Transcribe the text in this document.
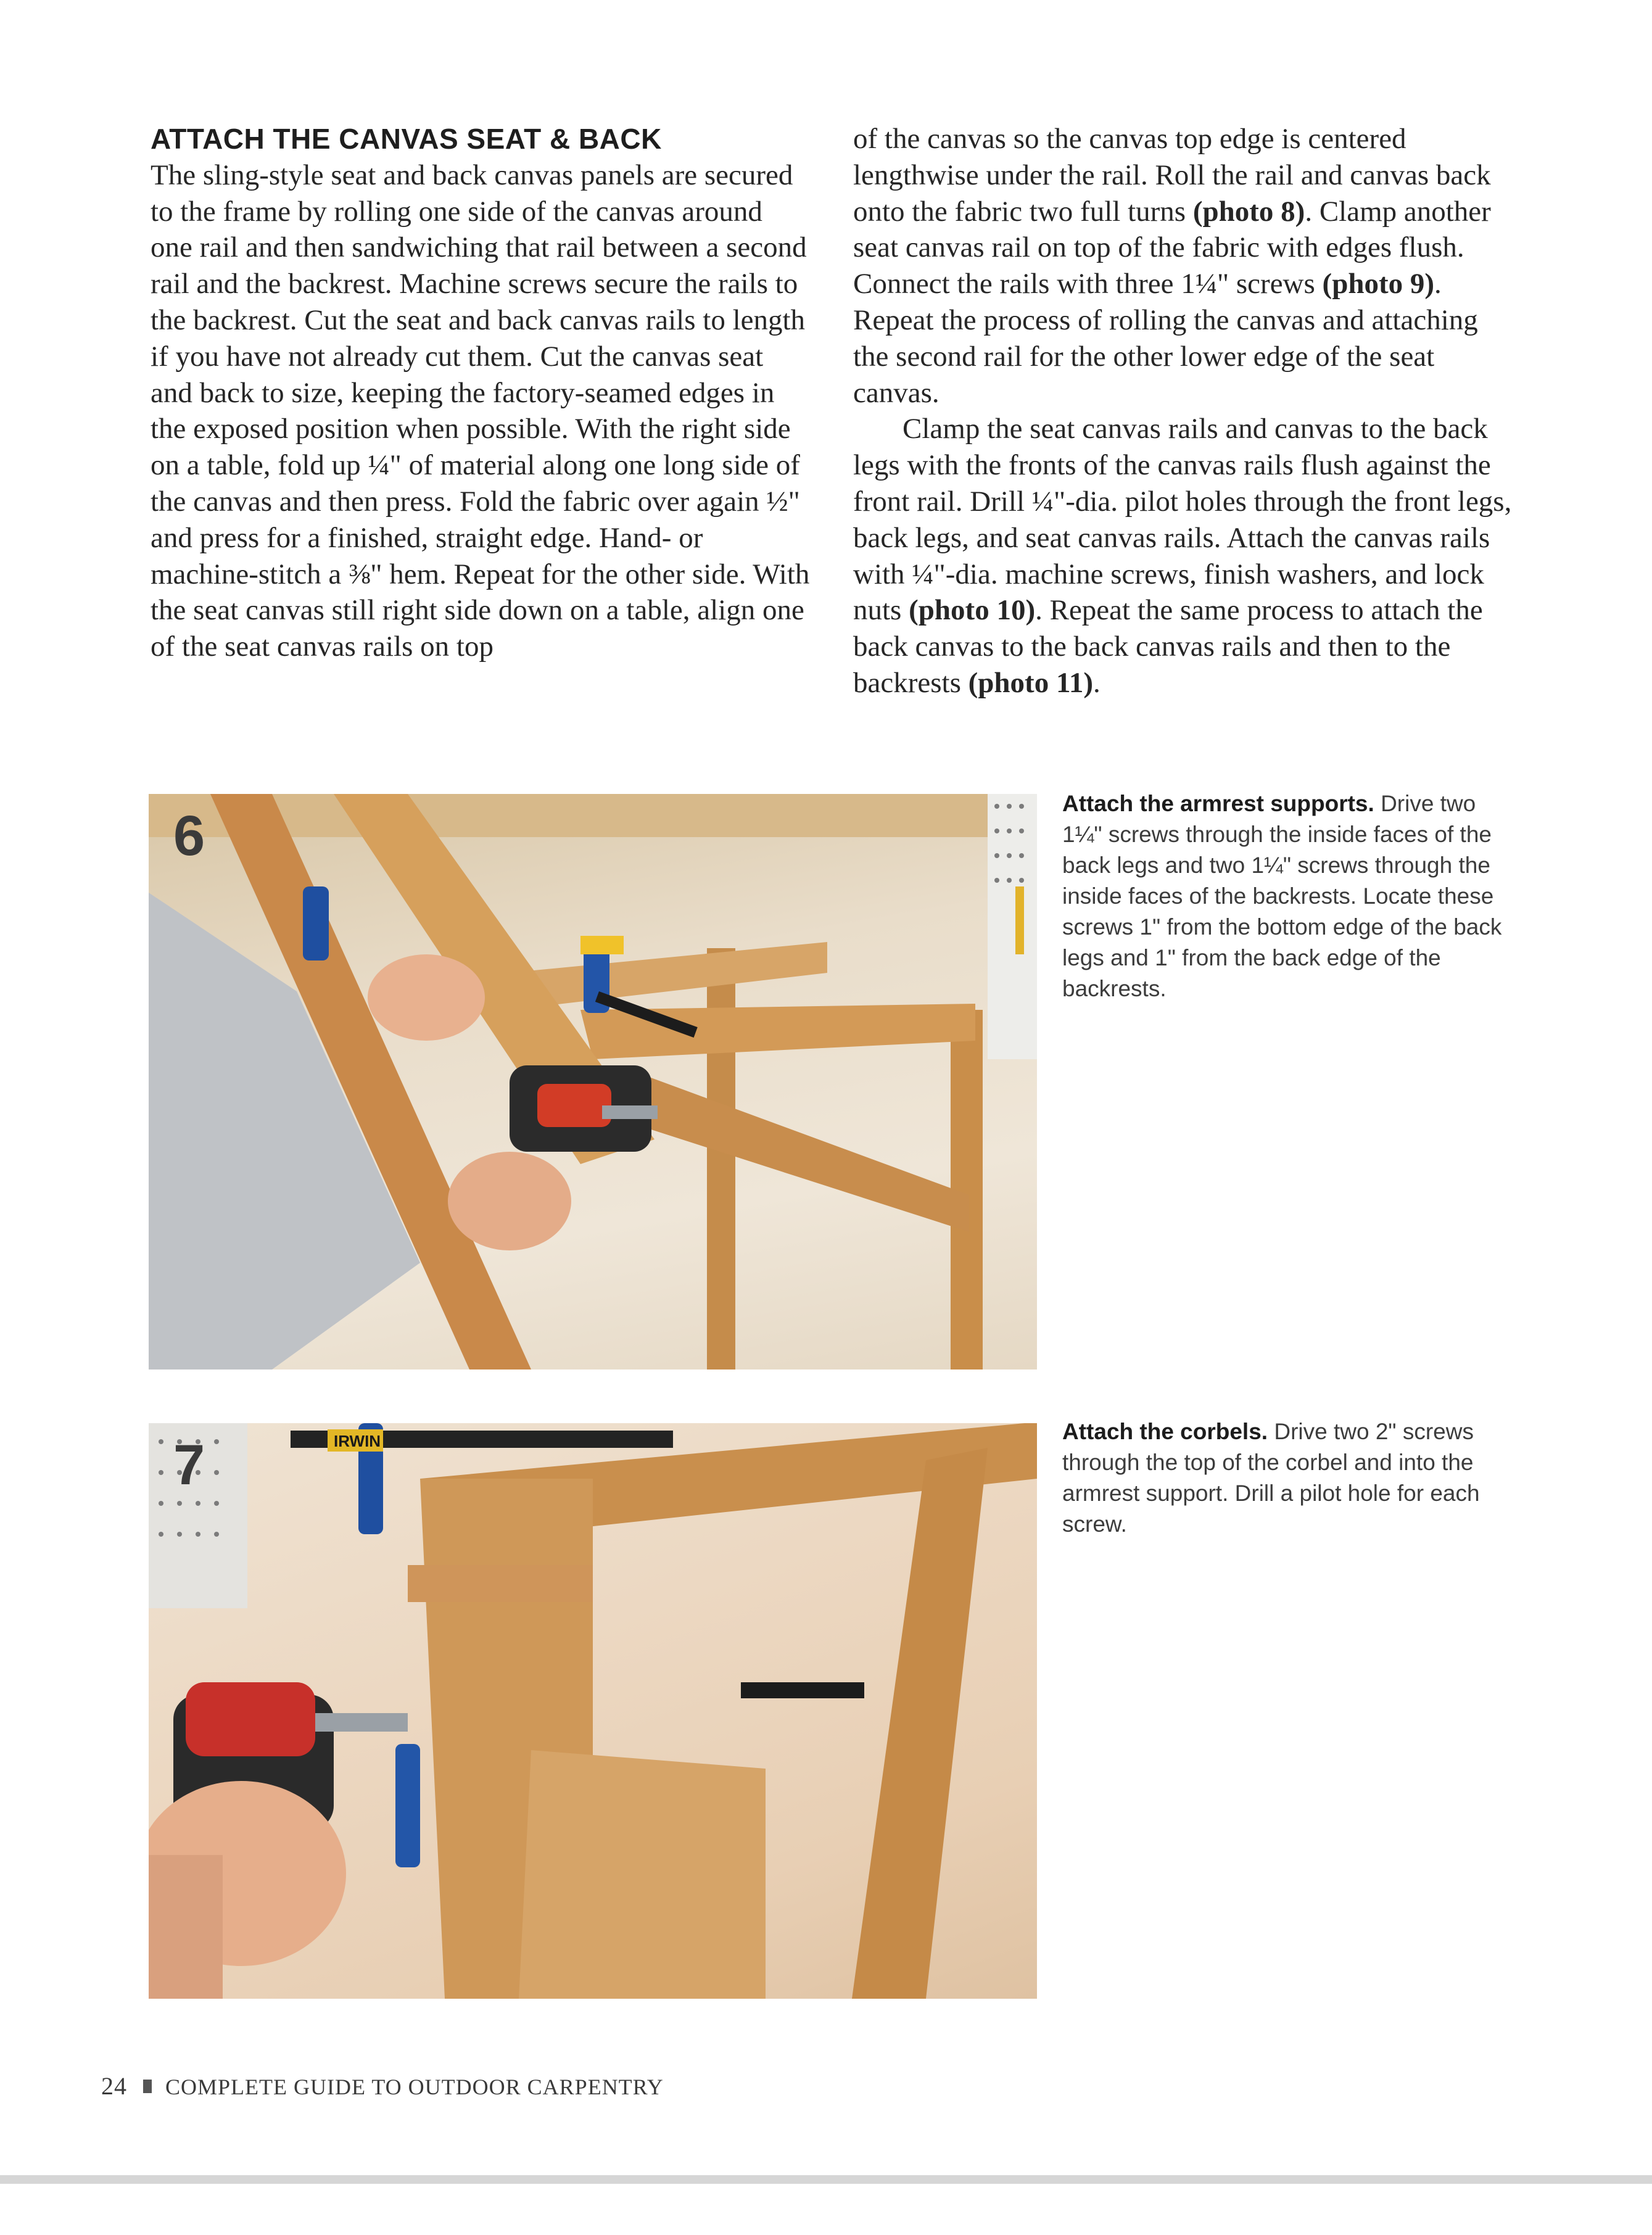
ATTACH THE CANVAS SEAT & BACK

The sling-style seat and back canvas panels are secured to the frame by rolling one side of the canvas around one rail and then sandwiching that rail between a second rail and the backrest. Machine screws secure the rails to the backrest. Cut the seat and back canvas rails to length if you have not already cut them. Cut the canvas seat and back to size, keeping the factory-seamed edges in the exposed position when possible. With the right side on a table, fold up ¼" of material along one long side of the canvas and then press. Fold the fabric over again ½" and press for a finished, straight edge. Hand- or machine-stitch a ⅜" hem. Repeat for the other side. With the seat canvas still right side down on a table, align one of the seat canvas rails on top

of the canvas so the canvas top edge is centered lengthwise under the rail. Roll the rail and canvas back onto the fabric two full turns (photo 8). Clamp another seat canvas rail on top of the fabric with edges flush. Connect the rails with three 1¼" screws (photo 9). Repeat the process of rolling the canvas and attaching the second rail for the other lower edge of the seat canvas.

Clamp the seat canvas rails and canvas to the back legs with the fronts of the canvas rails flush against the front rail. Drill ¼"-dia. pilot holes through the front legs, back legs, and seat canvas rails. Attach the canvas rails with ¼"-dia. machine screws, finish washers, and lock nuts (photo 10). Repeat the same process to attach the back canvas to the back canvas rails and then to the backrests (photo 11).

6
Attach the armrest supports. Drive two 1¼" screws through the inside faces of the back legs and two 1¼" screws through the inside faces of the backrests. Locate these screws 1" from the bottom edge of the back legs and 1" from the back edge of the backrests.
IRWIN
7
Attach the corbels. Drive two 2" screws through the top of the corbel and into the armrest support. Drill a pilot hole for each screw.
24 COMPLETE GUIDE TO OUTDOOR CARPENTRY
